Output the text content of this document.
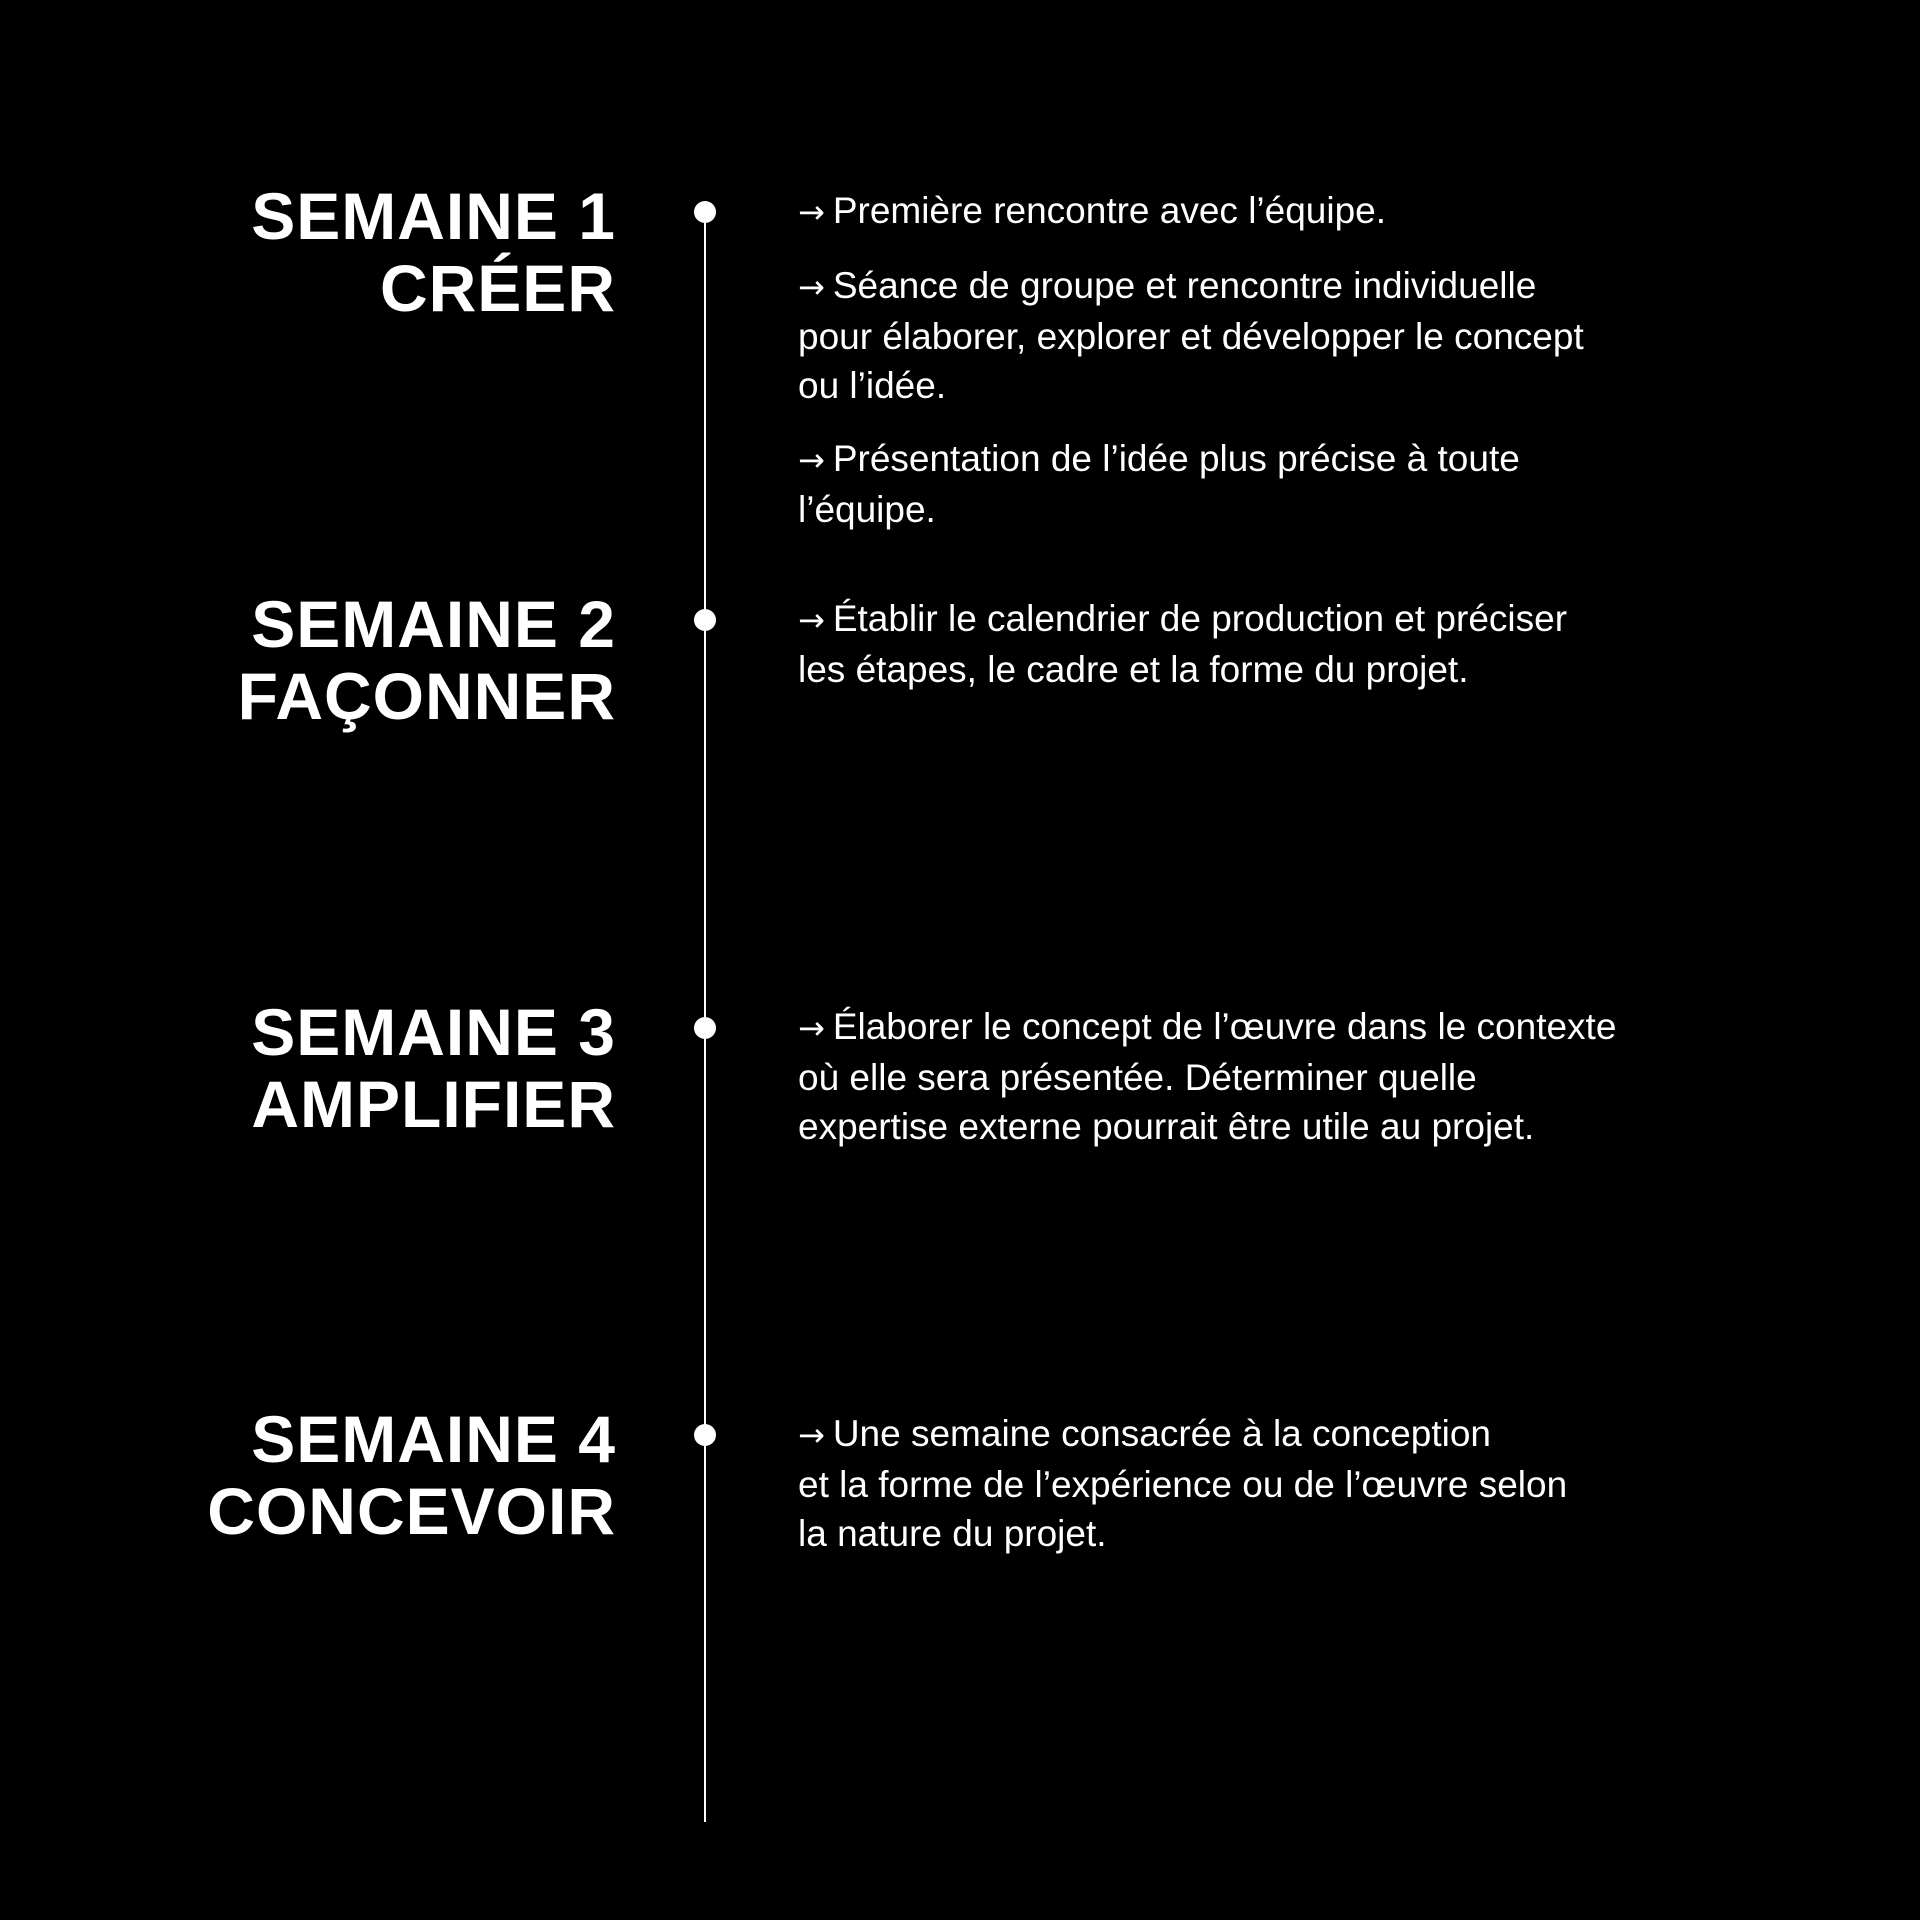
SEMAINE 1
CRÉER
→ Première rencontre avec l’équipe.
→ Séance de groupe et rencontre individuelle
pour élaborer, explorer et développer le concept
ou l’idée.
→ Présentation de l’idée plus précise à toute
l’équipe.
SEMAINE 2
FAÇONNER
→ Établir le calendrier de production et préciser
les étapes, le cadre et la forme du projet.
SEMAINE 3
AMPLIFIER
→ Élaborer le concept de l’œuvre dans le contexte
où elle sera présentée. Déterminer quelle
expertise externe pourrait être utile au projet.
SEMAINE 4
CONCEVOIR
→ Une semaine consacrée à la conception
et la forme de l’expérience ou de l’œuvre selon
la nature du projet.
